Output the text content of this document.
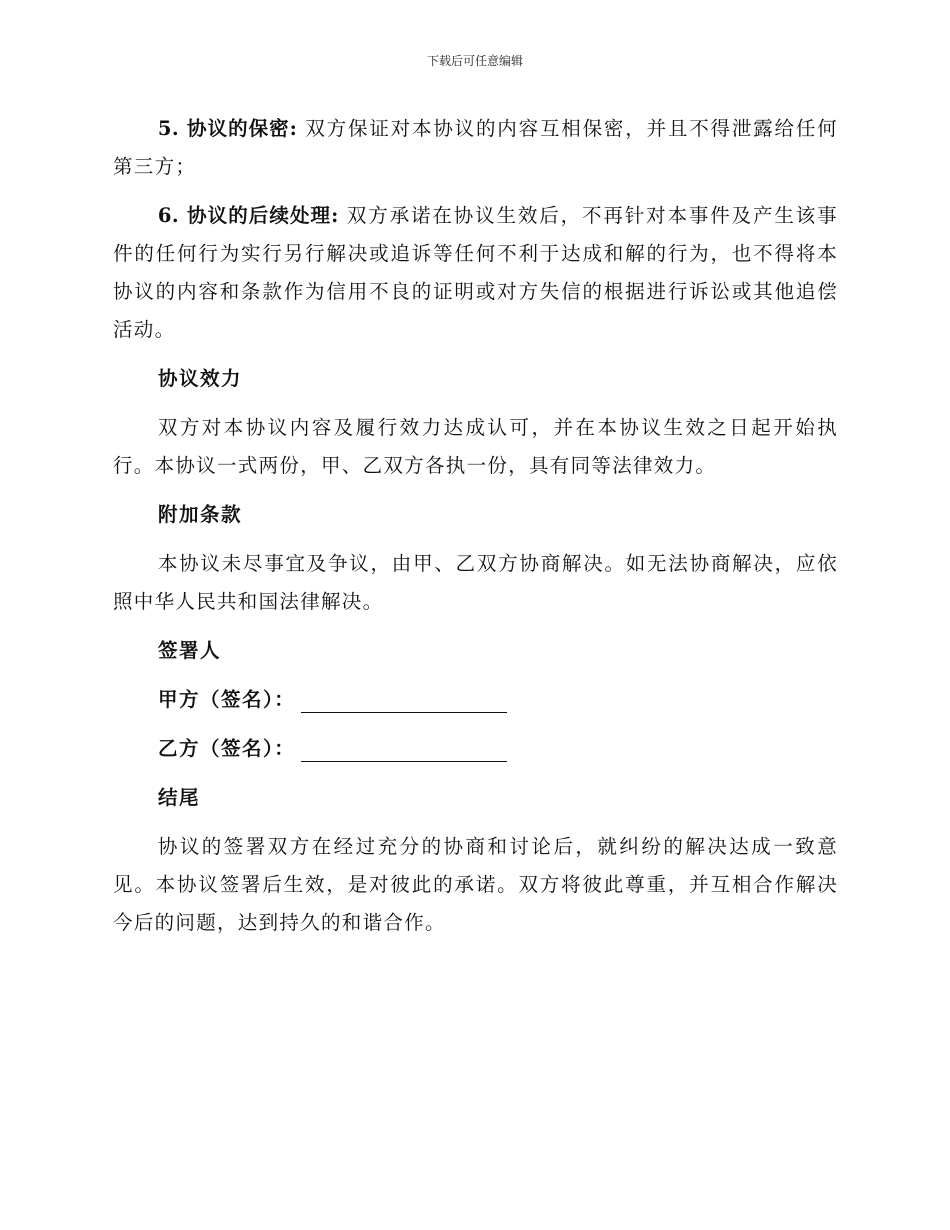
下载后可任意编辑

5. 协议的保密: 双方保证对本协议的内容互相保密，并且不得泄露给任何第三方；

6. 协议的后续处理: 双方承诺在协议生效后，不再针对本事件及产生该事件的任何行为实行另行解决或追诉等任何不利于达成和解的行为，也不得将本协议的内容和条款作为信用不良的证明或对方失信的根据进行诉讼或其他追偿活动。

协议效力

双方对本协议内容及履行效力达成认可，并在本协议生效之日起开始执行。本协议一式两份，甲、乙双方各执一份，具有同等法律效力。

附加条款

本协议未尽事宜及争议，由甲、乙双方协商解决。如无法协商解决，应依照中华人民共和国法律解决。

签署人
甲方（签名）：
乙方（签名）：
结尾

协议的签署双方在经过充分的协商和讨论后，就纠纷的解决达成一致意见。本协议签署后生效，是对彼此的承诺。双方将彼此尊重，并互相合作解决今后的问题，达到持久的和谐合作。
